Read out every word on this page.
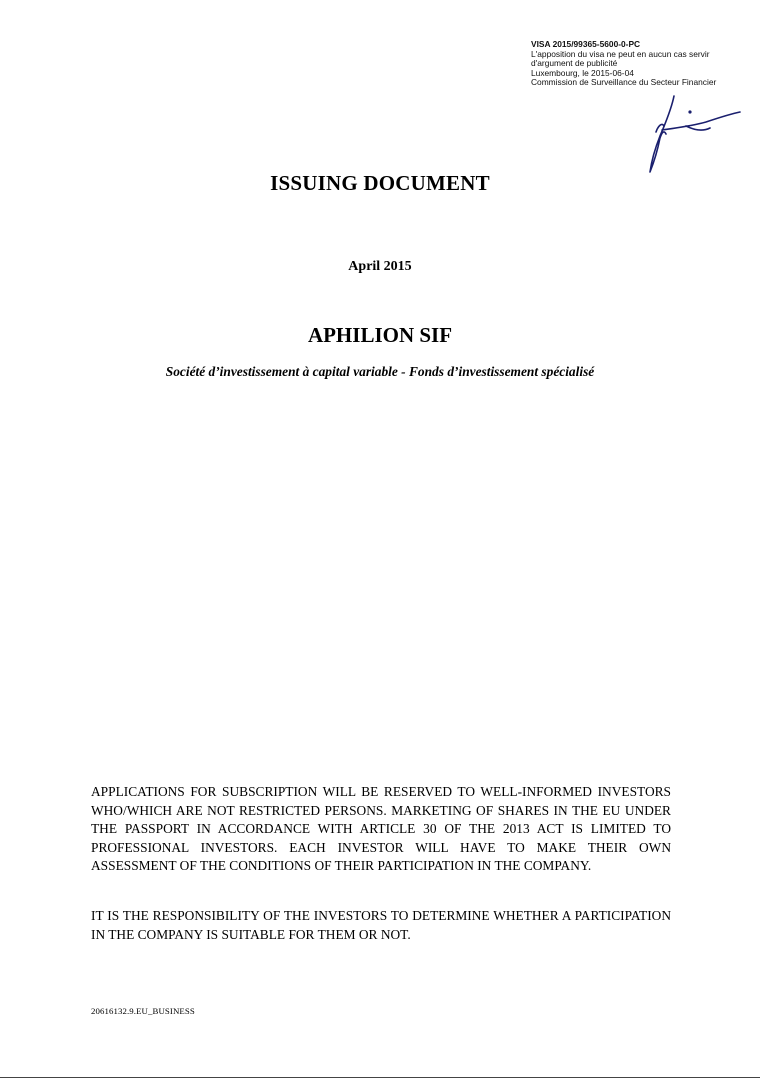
VISA 2015/99365-5600-0-PC
L'apposition du visa ne peut en aucun cas servir
d'argument de publicité
Luxembourg, le 2015-06-04
Commission de Surveillance du Secteur Financier
ISSUING DOCUMENT
April 2015
APHILION SIF
Société d’investissement à capital variable - Fonds d’investissement spécialisé

APPLICATIONS FOR SUBSCRIPTION WILL BE RESERVED TO WELL-INFORMED INVESTORS WHO/WHICH ARE NOT RESTRICTED PERSONS. MARKETING OF SHARES IN THE EU UNDER THE PASSPORT IN ACCORDANCE WITH ARTICLE 30 OF THE 2013 ACT IS LIMITED TO PROFESSIONAL INVESTORS. EACH INVESTOR WILL HAVE TO MAKE THEIR OWN ASSESSMENT OF THE CONDITIONS OF THEIR PARTICIPATION IN THE COMPANY.

IT IS THE RESPONSIBILITY OF THE INVESTORS TO DETERMINE WHETHER A PARTICIPATION IN THE COMPANY IS SUITABLE FOR THEM OR NOT.

20616132.9.EU_BUSINESS
